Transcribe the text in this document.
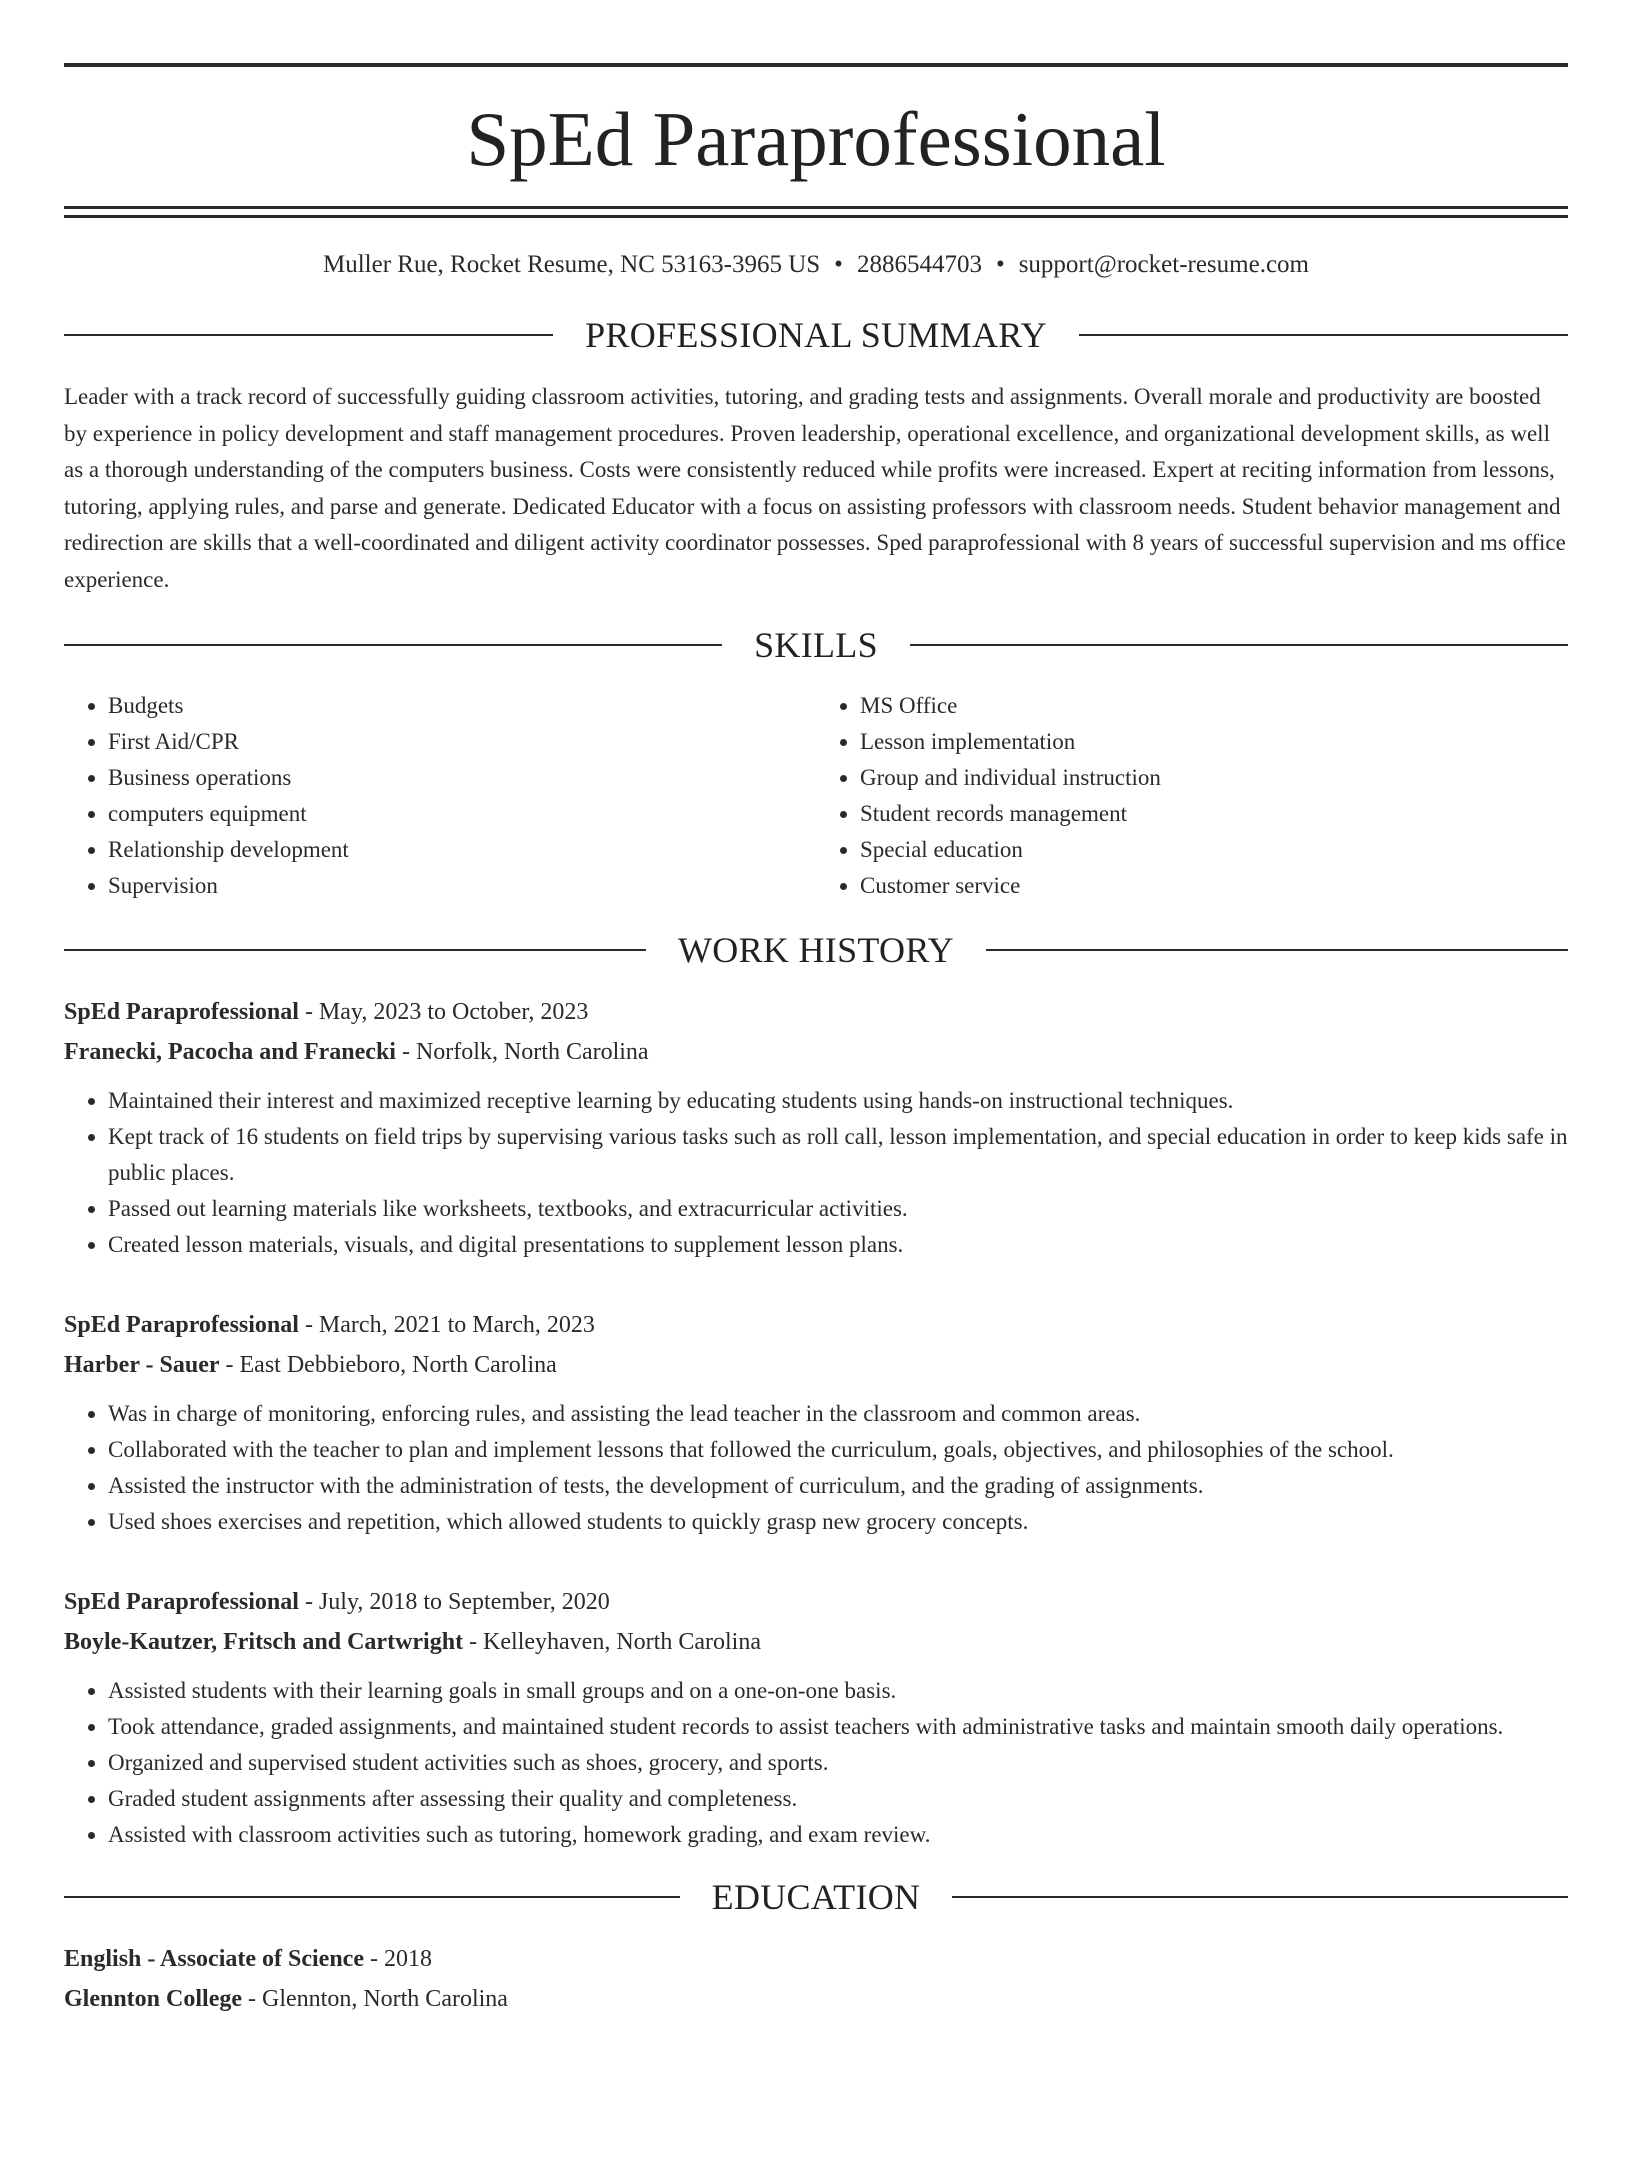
SpEd Paraprofessional
Muller Rue, Rocket Resume, NC 53163-3965 US • 2886544703 • support@rocket-resume.com
PROFESSIONAL SUMMARY
Leader with a track record of successfully guiding classroom activities, tutoring, and grading tests and assignments. Overall morale and productivity are boosted by experience in policy development and staff management procedures. Proven leadership, operational excellence, and organizational development skills, as well as a thorough understanding of the computers business. Costs were consistently reduced while profits were increased. Expert at reciting information from lessons, tutoring, applying rules, and parse and generate. Dedicated Educator with a focus on assisting professors with classroom needs. Student behavior management and redirection are skills that a well-coordinated and diligent activity coordinator possesses. Sped paraprofessional with 8 years of successful supervision and ms office experience.
SKILLS
• Budgets
• First Aid/CPR
• Business operations
• computers equipment
• Relationship development
• Supervision
• MS Office
• Lesson implementation
• Group and individual instruction
• Student records management
• Special education
• Customer service
WORK HISTORY
SpEd Paraprofessional - May, 2023 to October, 2023
Franecki, Pacocha and Franecki - Norfolk, North Carolina
• Maintained their interest and maximized receptive learning by educating students using hands-on instructional techniques.
• Kept track of 16 students on field trips by supervising various tasks such as roll call, lesson implementation, and special education in order to keep kids safe in public places.
• Passed out learning materials like worksheets, textbooks, and extracurricular activities.
• Created lesson materials, visuals, and digital presentations to supplement lesson plans.
SpEd Paraprofessional - March, 2021 to March, 2023
Harber - Sauer - East Debbieboro, North Carolina
• Was in charge of monitoring, enforcing rules, and assisting the lead teacher in the classroom and common areas.
• Collaborated with the teacher to plan and implement lessons that followed the curriculum, goals, objectives, and philosophies of the school.
• Assisted the instructor with the administration of tests, the development of curriculum, and the grading of assignments.
• Used shoes exercises and repetition, which allowed students to quickly grasp new grocery concepts.
SpEd Paraprofessional - July, 2018 to September, 2020
Boyle-Kautzer, Fritsch and Cartwright - Kelleyhaven, North Carolina
• Assisted students with their learning goals in small groups and on a one-on-one basis.
• Took attendance, graded assignments, and maintained student records to assist teachers with administrative tasks and maintain smooth daily operations.
• Organized and supervised student activities such as shoes, grocery, and sports.
• Graded student assignments after assessing their quality and completeness.
• Assisted with classroom activities such as tutoring, homework grading, and exam review.
EDUCATION
English - Associate of Science - 2018
Glennton College - Glennton, North Carolina
